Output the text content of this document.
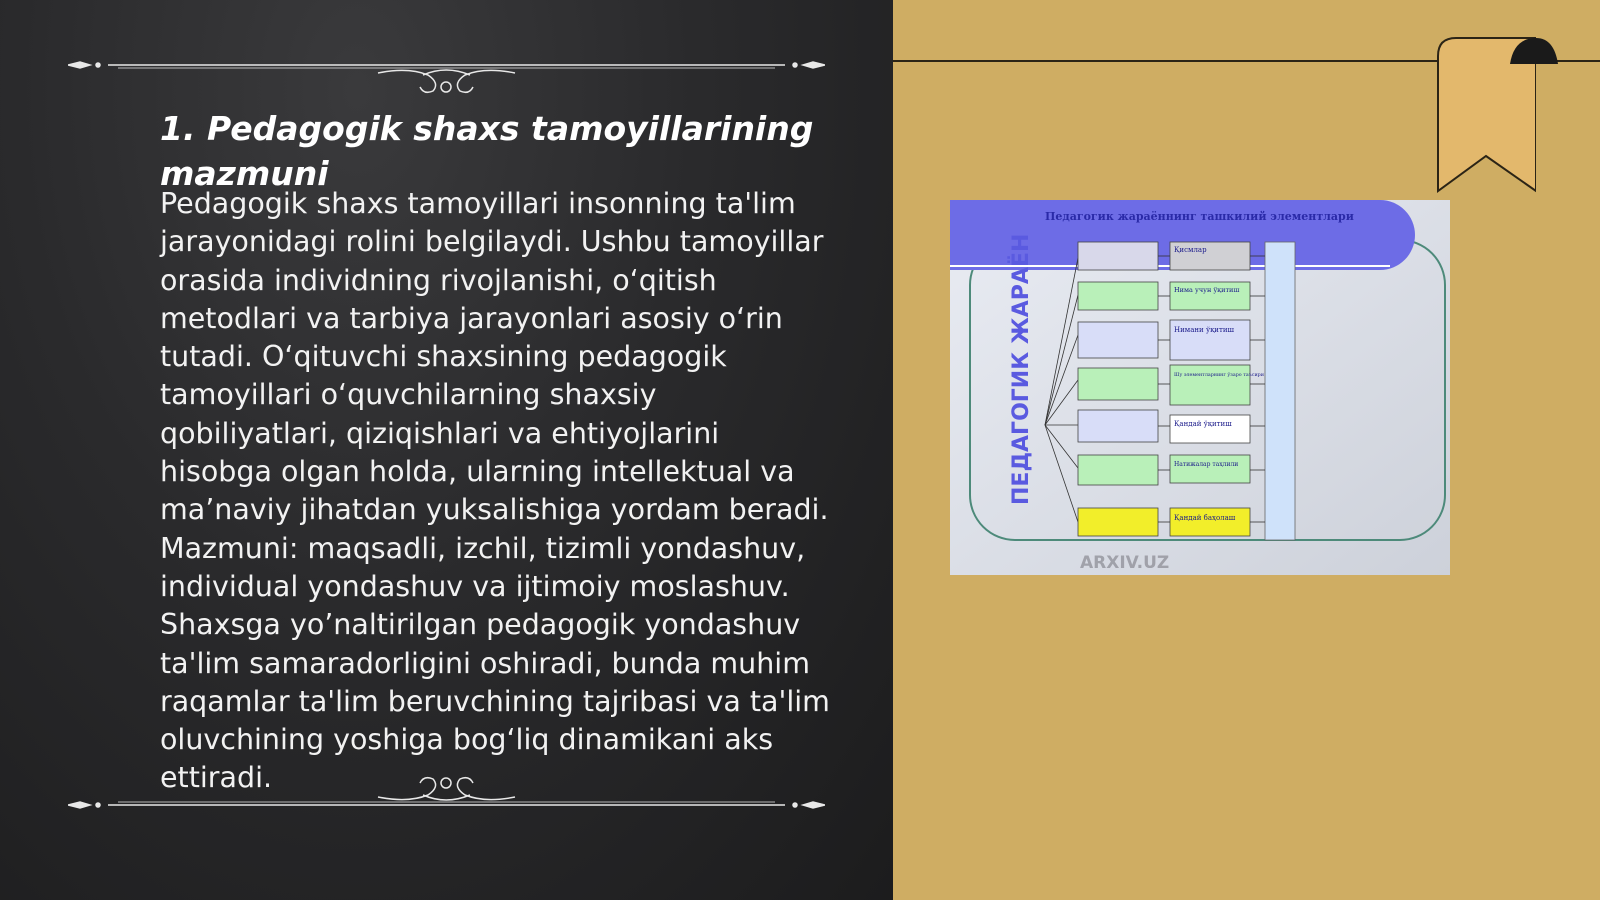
1. Pedagogik shaxs tamoyillarining mazmuni

Pedagogik shaxs tamoyillari insonning ta'lim jarayonidagi rolini belgilaydi. Ushbu tamoyillar orasida individning rivojlanishi, o‘qitish metodlari va tarbiya jarayonlari asosiy o‘rin tutadi. O‘qituvchi shaxsining pedagogik tamoyillari o‘quvchilarning shaxsiy qobiliyatlari, qiziqishlari va ehtiyojlarini hisobga olgan holda, ularning intellektual va ma’naviy jihatdan yuksalishiga yordam beradi. Mazmuni: maqsadli, izchil, tizimli yondashuv, individual yondashuv va ijtimoiy moslashuv. Shaxsga yo’naltirilgan pedagogik yondashuv ta'lim samaradorligini oshiradi, bunda muhim raqamlar ta'lim beruvchining tajribasi va ta'lim oluvchining yoshiga bog‘liq dinamikani aks ettiradi.

Педагогик жараённинг ташкилий элементлари
ПЕДАГОГИК ЖАРАЁН	Қисмлар
Нима учун ўқитиш
Нимани ўқитиш
Шу элементларнинг ўзаро таъсири
Қандай ўқитиш
Натижалар таҳлили
Қандай баҳолаш
ARXIV.UZ
